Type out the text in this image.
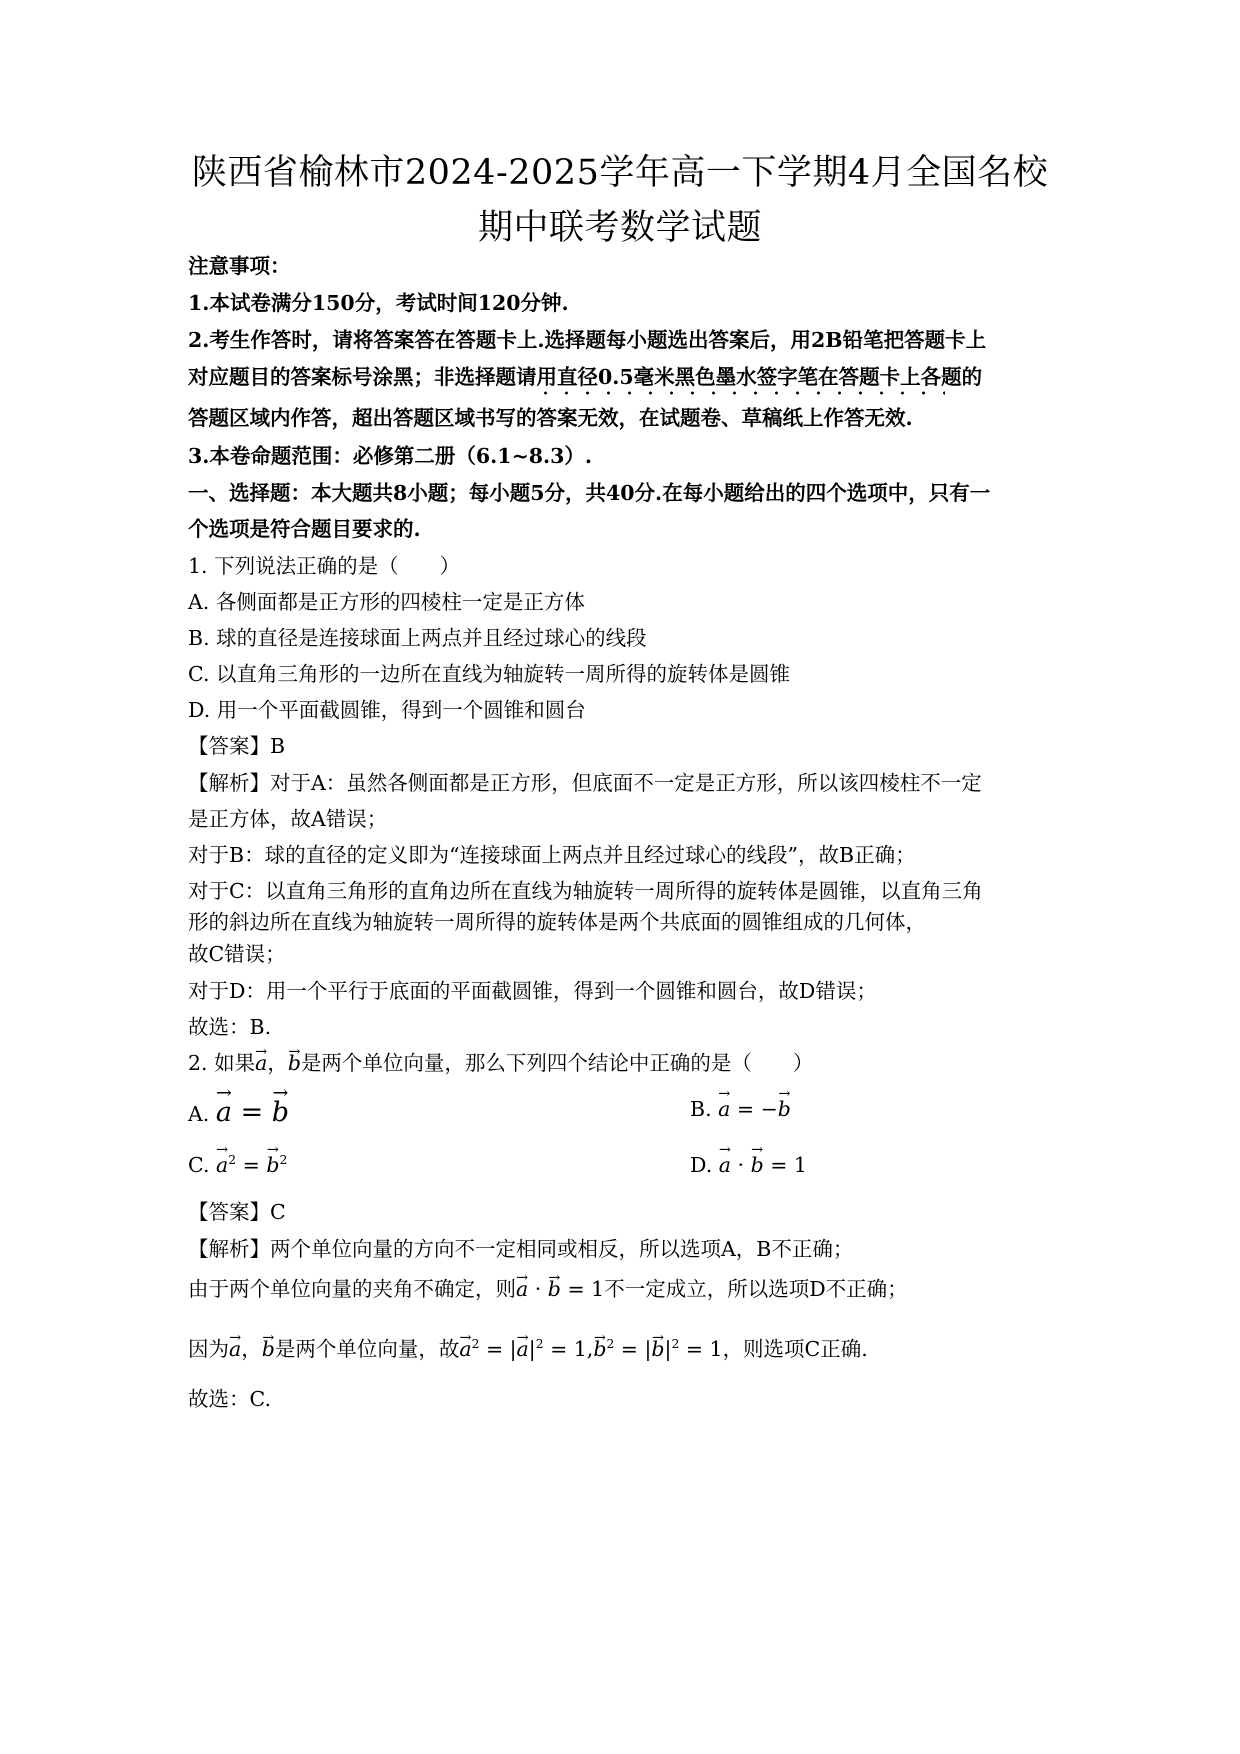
陕西省榆林市2024-2025学年高一下学期4月全国名校
期中联考数学试题
注意事项：
1.本试卷满分150分，考试时间120分钟.
2.考生作答时，请将答案答在答题卡上.选择题每小题选出答案后，用2B铅笔把答题卡上
对应题目的答案标号涂黑；非选择题请用直径0.5毫米黑色墨水签字笔在答题卡上各题的
答题区域内作答，超出答题区域书写的答案无效，在试题卷、草稿纸上作答无效.
3.本卷命题范围：必修第二册（6.1~8.3）.
一、选择题：本大题共8小题；每小题5分，共40分.在每小题给出的四个选项中，只有一
个选项是符合题目要求的.
1. 下列说法正确的是（　　）
A. 各侧面都是正方形的四棱柱一定是正方体
B. 球的直径是连接球面上两点并且经过球心的线段
C. 以直角三角形的一边所在直线为轴旋转一周所得的旋转体是圆锥
D. 用一个平面截圆锥，得到一个圆锥和圆台
【答案】B
【解析】对于A：虽然各侧面都是正方形，但底面不一定是正方形，所以该四棱柱不一定
是正方体，故A错误；
对于B：球的直径的定义即为“连接球面上两点并且经过球心的线段”，故B正确；
对于C：以直角三角形的直角边所在直线为轴旋转一周所得的旋转体是圆锥，以直角三角
形的斜边所在直线为轴旋转一周所得的旋转体是两个共底面的圆锥组成的几何体，
故C错误；
对于D：用一个平行于底面的平面截圆锥，得到一个圆锥和圆台，故D错误；
故选：B.
2. 如果→ a，→ b是两个单位向量，那么下列四个结论中正确的是（　　）
A. → a = → b	B. → a = −→ b
C. → $a^2$ = → $b^2$	D. → a · → b = 1
【答案】C
【解析】两个单位向量的方向不一定相同或相反，所以选项A，B不正确；
由于两个单位向量的夹角不确定，则→ a · → b = 1不一定成立，所以选项D不正确；
因为→ a，→ b是两个单位向量，故→ $a^2$ = |→ $a|^2 = 1,\to b^2$ = |→ $b|^2 = 1$，则选项C正确.
故选：C.
